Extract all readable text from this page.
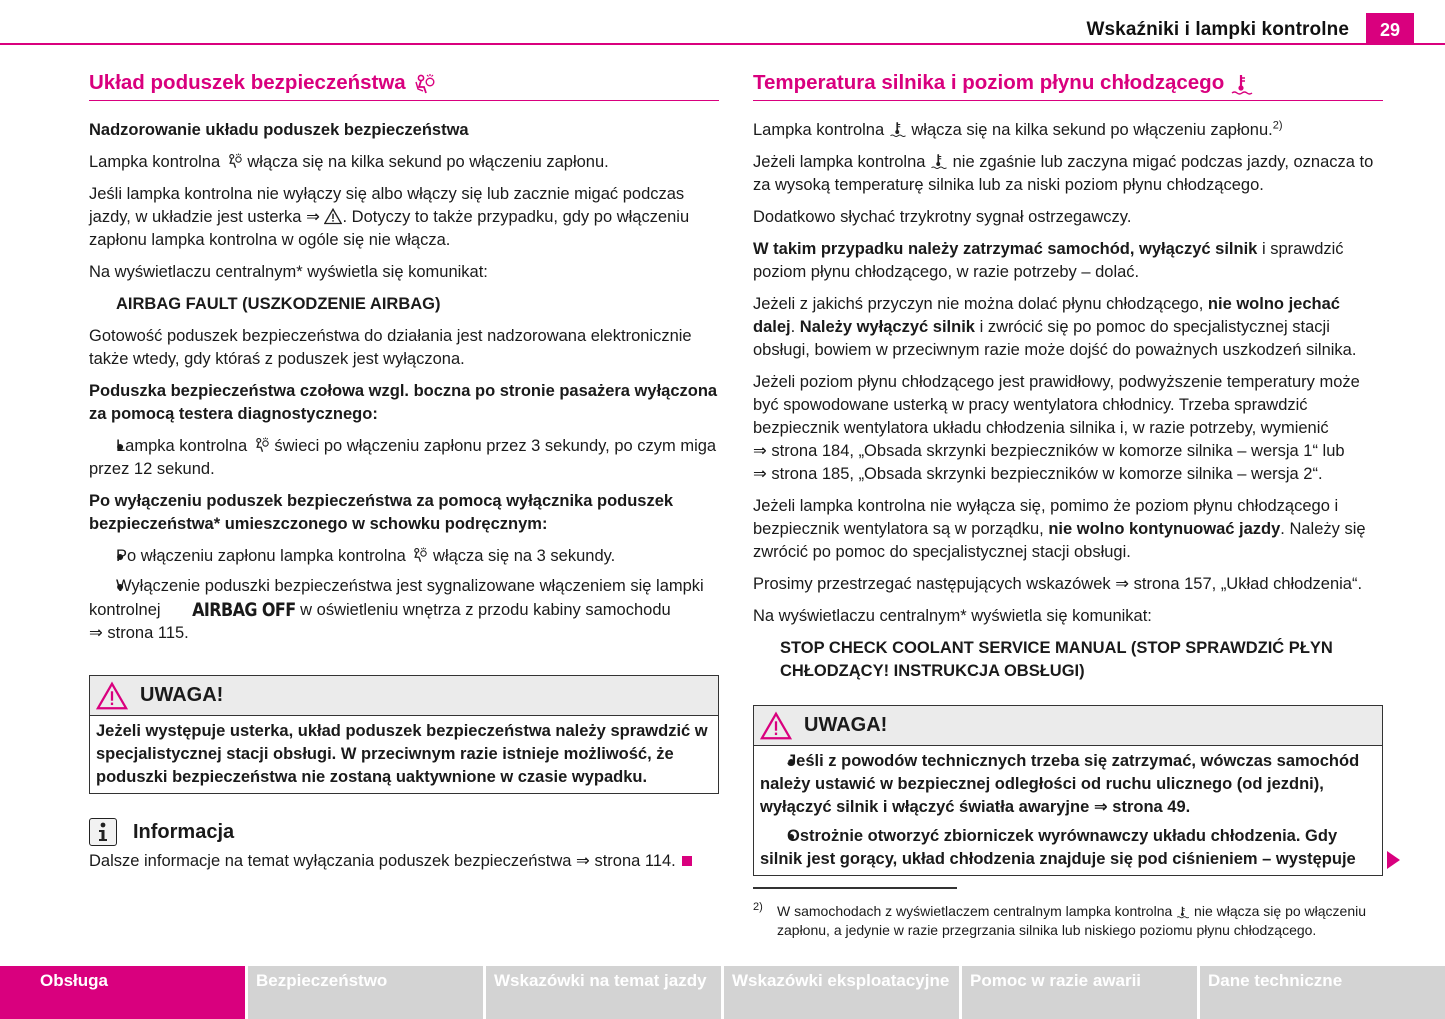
Wskaźniki i lampki kontrolne	29
Układ poduszek bezpieczeństwa

Nadzorowanie układu poduszek bezpieczeństwa

Lampka kontrolna włącza się na kilka sekund po włączeniu zapłonu.

Jeśli lampka kontrolna nie wyłączy się albo włączy się lub zacznie migać podczas jazdy, w układzie jest usterka ⇒ . Dotyczy to także przypadku, gdy po włączeniu zapłonu lampka kontrolna w ogóle się nie włącza.

Na wyświetlaczu centralnym* wyświetla się komunikat:

AIRBAG FAULT (USZKODZENIE AIRBAG)

Gotowość poduszek bezpieczeństwa do działania jest nadzorowana elektronicznie także wtedy, gdy któraś z poduszek jest wyłączona.

Poduszka bezpieczeństwa czołowa wzgl. boczna po stronie pasażera wyłączona za pomocą testera diagnostycznego:

● Lampka kontrolna świeci po włączeniu zapłonu przez 3 sekundy, po czym miga przez 12 sekund.

Po wyłączeniu poduszek bezpieczeństwa za pomocą wyłącznika poduszek bezpieczeństwa* umieszczonego w schowku podręcznym:

● Po włączeniu zapłonu lampka kontrolna włącza się na 3 sekundy.
● Wyłączenie poduszki bezpieczeństwa jest sygnalizowane włączeniem się lampki kontrolnej AIRBAG OFF w oświetleniu wnętrza z przodu kabiny samochodu
⇒ strona 115.
UWAGA!
Jeżeli występuje usterka, układ poduszek bezpieczeństwa należy sprawdzić w specjalistycznej stacji obsługi. W przeciwnym razie istnieje możliwość, że poduszki bezpieczeństwa nie zostaną uaktywnione w czasie wypadku.
Informacja

Dalsze informacje na temat wyłączania poduszek bezpieczeństwa ⇒ strona 114.

Temperatura silnika i poziom płynu chłodzącego

Lampka kontrolna włącza się na kilka sekund po włączeniu zapłonu.$^{2)}$

Jeżeli lampka kontrolna nie zgaśnie lub zaczyna migać podczas jazdy, oznacza to za wysoką temperaturę silnika lub za niski poziom płynu chłodzącego.

Dodatkowo słychać trzykrotny sygnał ostrzegawczy.

W takim przypadku należy zatrzymać samochód, wyłączyć silnik i sprawdzić poziom płynu chłodzącego, w razie potrzeby – dolać.

Jeżeli z jakichś przyczyn nie można dolać płynu chłodzącego, nie wolno jechać dalej. Należy wyłączyć silnik i zwrócić się po pomoc do specjalistycznej stacji obsługi, bowiem w przeciwnym razie może dojść do poważnych uszkodzeń silnika.

Jeżeli poziom płynu chłodzącego jest prawidłowy, podwyższenie temperatury może być spowodowane usterką w pracy wentylatora chłodnicy. Trzeba sprawdzić bezpiecznik wentylatora układu chłodzenia silnika i, w razie potrzeby, wymienić
⇒ strona 184, „Obsada skrzynki bezpieczników w komorze silnika – wersja 1“ lub
⇒ strona 185, „Obsada skrzynki bezpieczników w komorze silnika – wersja 2“.

Jeżeli lampka kontrolna nie wyłącza się, pomimo że poziom płynu chłodzącego i bezpiecznik wentylatora są w porządku, nie wolno kontynuować jazdy. Należy się zwrócić po pomoc do specjalistycznej stacji obsługi.

Prosimy przestrzegać następujących wskazówek ⇒ strona 157, „Układ chłodzenia“.

Na wyświetlaczu centralnym* wyświetla się komunikat:

STOP CHECK COOLANT SERVICE MANUAL (STOP SPRAWDZIĆ PŁYN CHŁODZĄCY! INSTRUKCJA OBSŁUGI)

UWAGA!
● Jeśli z powodów technicznych trzeba się zatrzymać, wówczas samochód należy ustawić w bezpiecznej odległości od ruchu ulicznego (od jezdni), wyłączyć silnik i włączyć światła awaryjne ⇒ strona 49.
● Ostrożnie otworzyć zbiorniczek wyrównawczy układu chłodzenia. Gdy silnik jest gorący, układ chłodzenia znajduje się pod ciśnieniem – występuje
2)	W samochodach z wyświetlaczem centralnym lampka kontrolna nie włącza się po włączeniu zapłonu, a jedynie w razie przegrzania silnika lub niskiego poziomu płynu chłodzącego.
Obsługa	Bezpieczeństwo	Wskazówki na temat jazdy	Wskazówki eksploatacyjne	Pomoc w razie awarii	Dane techniczne
